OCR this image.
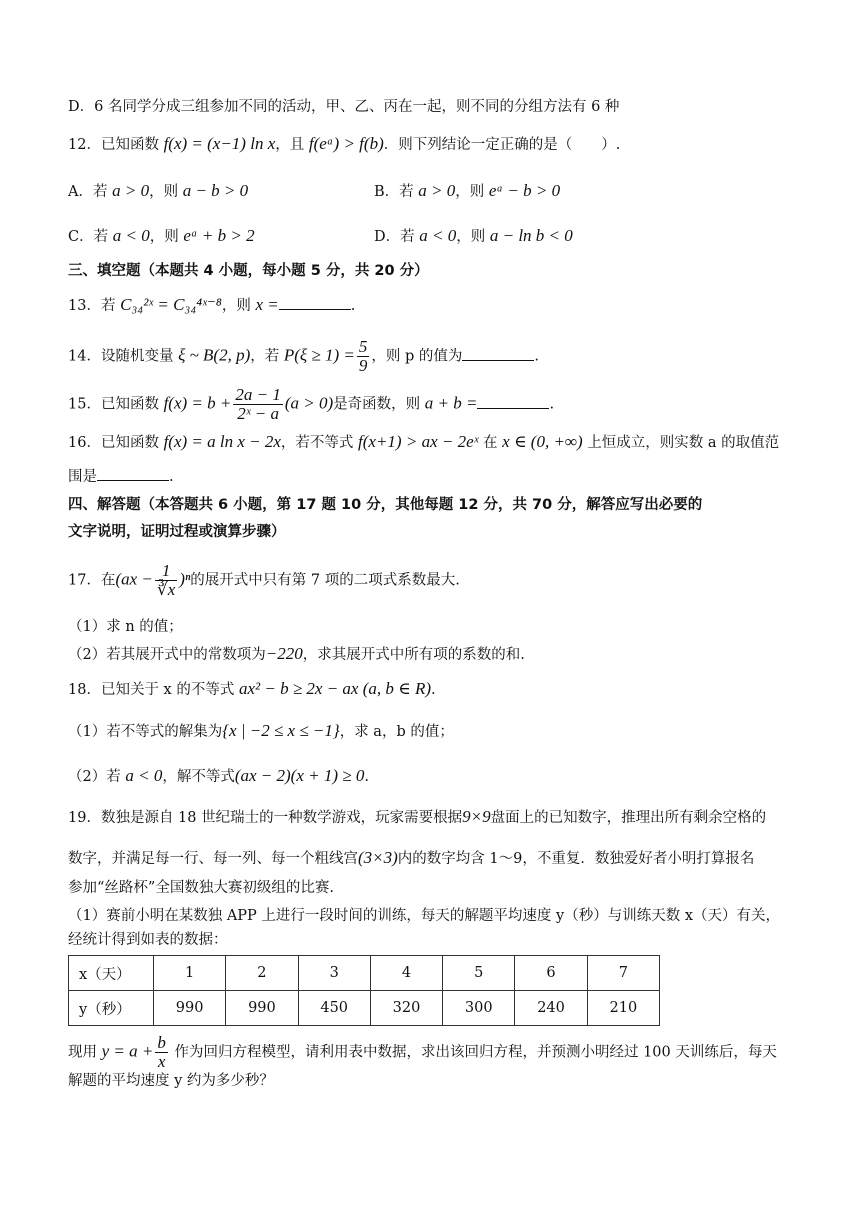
D．6 名同学分成三组参加不同的活动，甲、乙、丙在一起，则不同的分组方法有 6 种
12．已知函数 f(x) = (x−1) ln x，且 f(eᵃ) > f(b)．则下列结论一定正确的是（　　）.
A．若 a > 0，则 a − b > 0	B．若 a > 0，则 eᵃ − b > 0
C．若 a < 0，则 eᵃ + b > 2	D．若 a < 0，则 a − ln b < 0
三、填空题（本题共 4 小题，每小题 5 分，共 20 分）
13．若 C₃₄²ˣ = C₃₄⁴ˣ⁻⁸，则 x =	.
14．设随机变量 ξ ~ B(2, p)，若 $P(\xi \ge 1) = \frac{5}{9}$ ，则 p 的值为	.
15．已知函数 $f(x) = b + \frac{2a - 1}{\text{2ˣ − a}} (a > 0)$是奇函数，则 a + b =	.
16．已知函数 f(x) = a ln x − 2x，若不等式 f(x+1) > ax − 2eˣ 在 x ∈ (0, +∞) 上恒成立，则实数 a 的取值范
围是	.
四、解答题（本答题共 6 小题，第 17 题 10 分，其他每题 12 分，共 70 分，解答应写出必要的
文字说明，证明过程或演算步骤）
17．在$(ax - \frac{1}{∛x} )^n$的展开式中只有第 7 项的二项式系数最大.
（1）求 n 的值；
（2）若其展开式中的常数项为−220，求其展开式中所有项的系数的和.
18．已知关于 x 的不等式 ax² − b ≥ 2x − ax (a, b ∈ R).
（1）若不等式的解集为{x | −2 ≤ x ≤ −1}，求 a，b 的值；
（2）若 a < 0，解不等式(ax − 2)(x + 1) ≥ 0.
19．数独是源自 18 世纪瑞士的一种数学游戏，玩家需要根据9×9盘面上的已知数字，推理出所有剩余空格的
数字，并满足每一行、每一列、每一个粗线宫(3×3)内的数字均含 1～9，不重复．数独爱好者小明打算报名
参加“丝路杯”全国数独大赛初级组的比赛.
（1）赛前小明在某数独 APP 上进行一段时间的训练，每天的解题平均速度 y（秒）与训练天数 x（天）有关，
经统计得到如表的数据：
x（天）	1	2	3	4	5	6	7
y（秒）	990	990	450	320	300	240	210
现用 $y = a + \frac{b}{x}$ 作为回归方程模型，请利用表中数据，求出该回归方程，并预测小明经过 100 天训练后，每天
解题的平均速度 y 约为多少秒？
